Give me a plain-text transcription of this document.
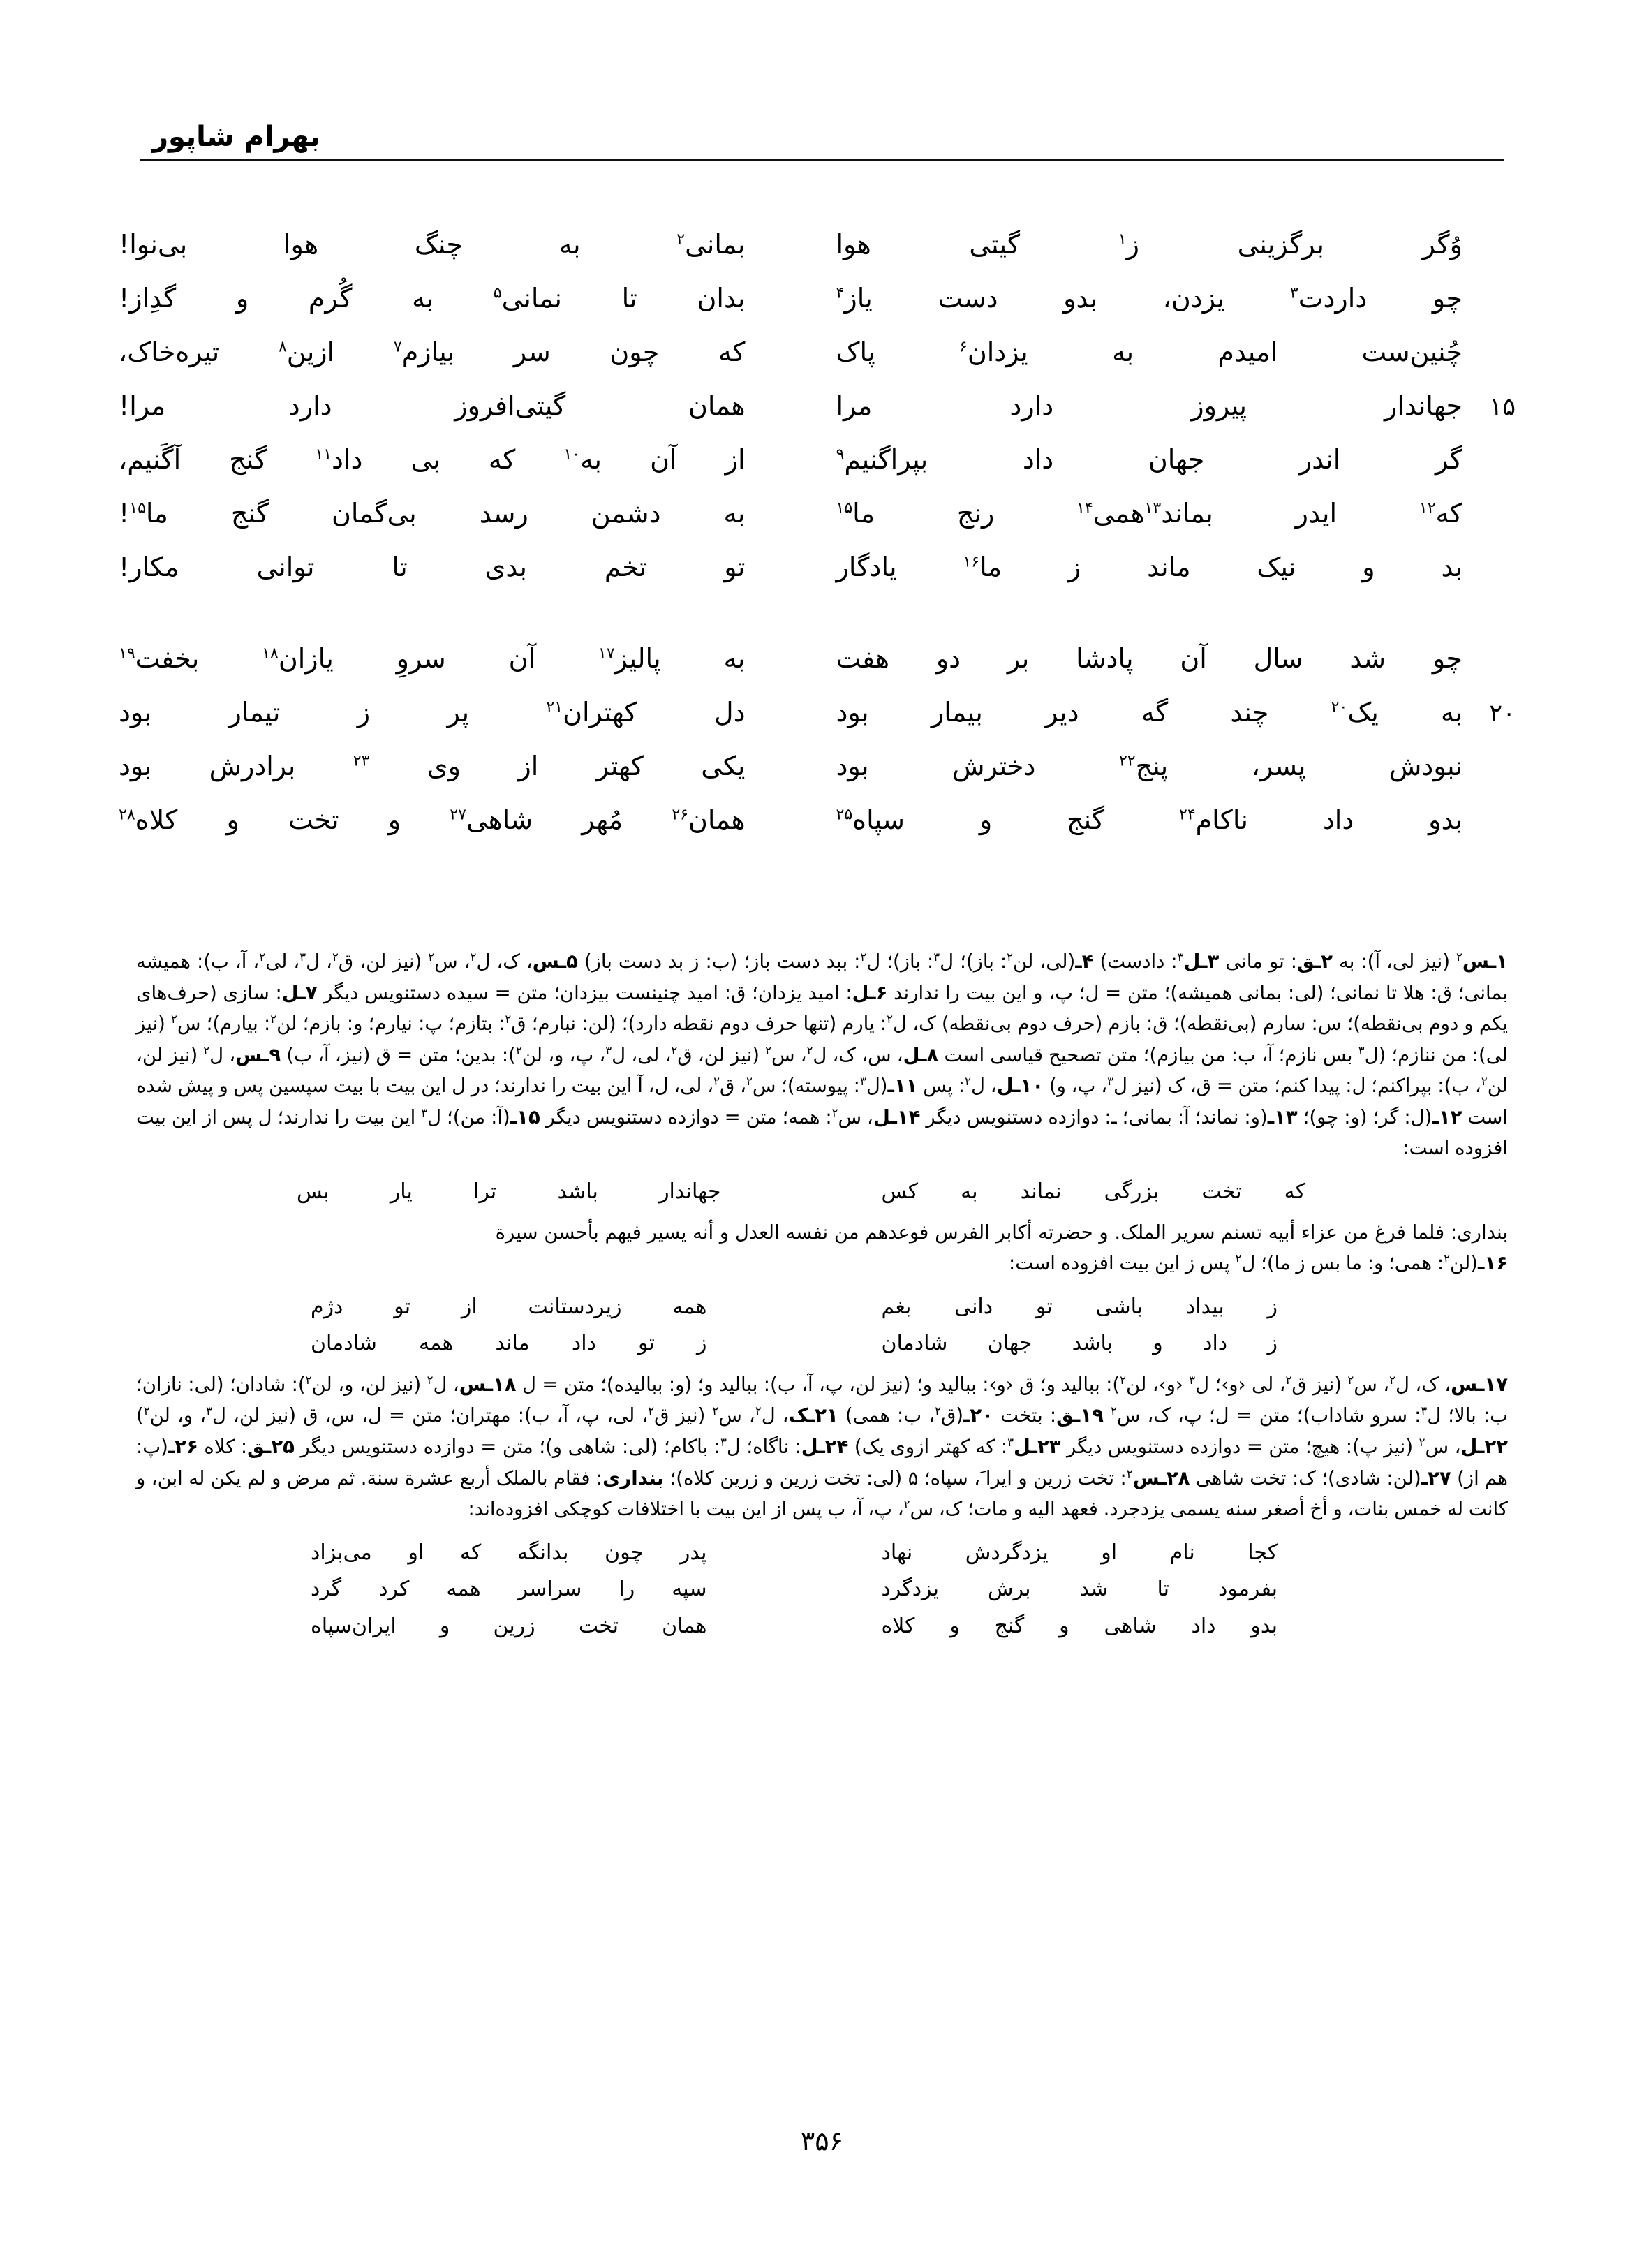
بهرام شاپور
وُگر برگزینی ز$^۱$ گیتی هوا
بمانی$^۲$ به چنگ هوا بی‌نوا!
چو داردت$^۳$ یزدن، بدو دست یاز$^۴$
بدان تا نمانی$^۵$ به گُرم و گدِاز!
چُنین‌ست امیدم به یزدان$^۶$ پاک
که چون سر بیازم$^۷$ ازین$^۸$ تیره‌خاک،
۱۵
جهاندار پیروز دارد مرا
همان گیتی‌افروز دارد مرا!
گر اندر جهان داد بپراگنیم$^۹$
از آن به$^{۱۰}$ که بی داد$^{۱۱}$ گنج آگَنیم،
که$^{۱۲}$ ایدر بماند$^{۱۳}$همی$^{۱۴}$ رنج ما$^{۱۵}$
به دشمن رسد بی‌گمان گنج ما$^{۱۵}$!
بد و نیک ماند ز ما$^{۱۶}$ یادگار
تو تخم بدی تا توانی مکار!
چو شد سال آن پادشا بر دو هفت
به پالیز$^{۱۷}$ آن سروِ یازان$^{۱۸}$ بخفت$^{۱۹}$
۲۰
به یک$^{۲۰}$ چند گه دیر بیمار بود
دل کهتران$^{۲۱}$ پر ز تیمار بود
نبودش پسر، پنج$^{۲۲}$ دخترش بود
یکی کهتر از وی $^{۲۳}$ برادرش بود
بدو داد ناکام$^{۲۴}$ گنج و سپاه$^{۲۵}$
همان$^{۲۶}$ مُهر شاهی$^{۲۷}$ و تخت و کلاه$^{۲۸}$
۱ـس$^۲$ (نیز لی، آ): به ۲ـق: تو مانی ۳ـل$^۳$: دادست) ۴ـ(لی، لن$^۲$: باز)؛ ل$^۳$: باز)؛ ل$^۲$: ببد دست باز؛ (ب: ز بد دست باز) ۵ـس، ک، ل$^۲$، س$^۲$ (نیز لن، ق$^۲$، ل$^۳$، لی$^۲$، آ، ب): همیشه بمانی؛ ق: هلا تا نمانی؛ (لی: بمانی همیشه)؛ متن = ل؛ پ، و این بیت را ندارند ۶ـل: امید یزدان؛ ق: امید چنینست بیزدان؛ متن = سیده دستنویس دیگر ۷ـل: سازی (حرف‌های یکم و دوم بی‌نقطه)؛ س: سارم (بی‌نقطه)؛ ق: بازم (حرف دوم بی‌نقطه) ک، ل$^۲$: یارم (تنها حرف دوم نقطه دارد)؛ (لن: نبارم؛ ق$^۲$: بتازم؛ پ: نیارم؛ و: بازم؛ لن$^۲$: بیارم)؛ س$^۲$ (نیز لی): من ننازم؛ (ل$^۳$ بس نازم؛ آ، ب: من بیازم)؛ متن تصحیح قیاسی است ۸ـل، س، ک، ل$^۲$، س$^۲$ (نیز لن، ق$^۲$، لی، ل$^۳$، پ، و، لن$^۲$): بدین؛ متن = ق (نیز، آ، ب) ۹ـس، ل$^۲$ (نیز لن، لن$^۲$، ب): بپراکنم؛ ل: پیدا کنم؛ متن = ق، ک (نیز ل$^۳$، پ، و) ۱۰ـل، ل$^۲$: پس ۱۱ـ(ل$^۳$: پیوسته)؛ س$^۲$، ق$^۲$، لی، ل، آ این بیت را ندارند؛ در ل این بیت با بیت سپسین پس و پیش شده است ۱۲ـ(ل: گر؛ (و: چو)؛ ۱۳ـ(و: نماند؛ آ: بمانی؛ ـ: دوازده دستنویس دیگر ۱۴ـل، س$^۲$: همه؛ متن = دوازده دستنویس دیگر ۱۵ـ(آ: من)؛ ل$^۳$ این بیت را ندارند؛ ل پس از این بیت افزوده است:
که تخت بزرگی نماند به کس
جهاندار باشد ترا یار بس
بنداری: فلما فرغ من عزاء أبیه تسنم سریر الملک. و حضرته أکابر الفرس فوعدهم من نفسه العدل و أنه یسیر فیهم بأحسن سیرة
۱۶ـ(لن$^۲$: همی؛ و: ما بس ز ما)؛ ل$^۲$ پس ز این بیت افزوده است:
ز بیداد باشی تو دانی بغم
همه زیردستانت از تو دژم
ز داد و باشد جهان شادمان
ز تو داد ماند همه شادمان
۱۷ـس، ک، ل$^۲$، س$^۲$ (نیز ق$^۲$، لی ‹و›؛ ل$^۳$ ‹و›، لن$^۲$): ببالید و؛ ق ‹و›: ببالید و؛ (نیز لن، پ، آ، ب): ببالید و؛ (و: ببالیده)؛ متن = ل ۱۸ـس، ل$^۲$ (نیز لن، و، لن$^۲$): شادان؛ (لی: نازان؛ ب: بالا؛ ل$^۳$: سرو شاداب)؛ متن = ل؛ پ، ک، س$^۲$ ۱۹ـق: بتخت ۲۰ـ(ق$^۲$، ب: همی) ۲۱ـک، ل$^۲$، س$^۲$ (نیز ق$^۲$، لی، پ، آ، ب): مهتران؛ متن = ل، س، ق (نیز لن، ل$^۳$، و، لن$^۲$) ۲۲ـل، س$^۲$ (نیز پ): هیچ؛ متن = دوازده دستنویس دیگر ۲۳ـل$^۳$: که کهتر ازوی یک) ۲۴ـل: ناگاه؛ ل$^۳$: باکام؛ (لی: شاهی و)؛ متن = دوازده دستنویس دیگر ۲۵ـق: کلاه ۲۶ـ(پ: هم از) ۲۷ـ(لن: شادی)؛ ک: تخت شاهی ۲۸ـس$^۲$: تخت زرین و ایرا َ، سپاه؛ ۵ (لی: تخت زرین و زرین کلاه)؛ بنداری: فقام بالملک أربع عشرة سنة. ثم مرض و لم یکن له ابن، و کانت له خمس بنات، و أخ أصغر سنه یسمی یزدجرد. فعهد الیه و مات؛ ک، س$^۲$، پ، آ، ب پس از این بیت با اختلافات کوچکی افزوده‌اند:
کجا نام او یزدگردش نهاد
پدر چون بدانگه که او می‌بزاد
بفرمود تا شد برش یزدگرد
سپه را سراسر همه کرد گرد
بدو داد شاهی و گنج و کلاه
همان تخت زرین و ایران‌سپاه
۳۵۶
